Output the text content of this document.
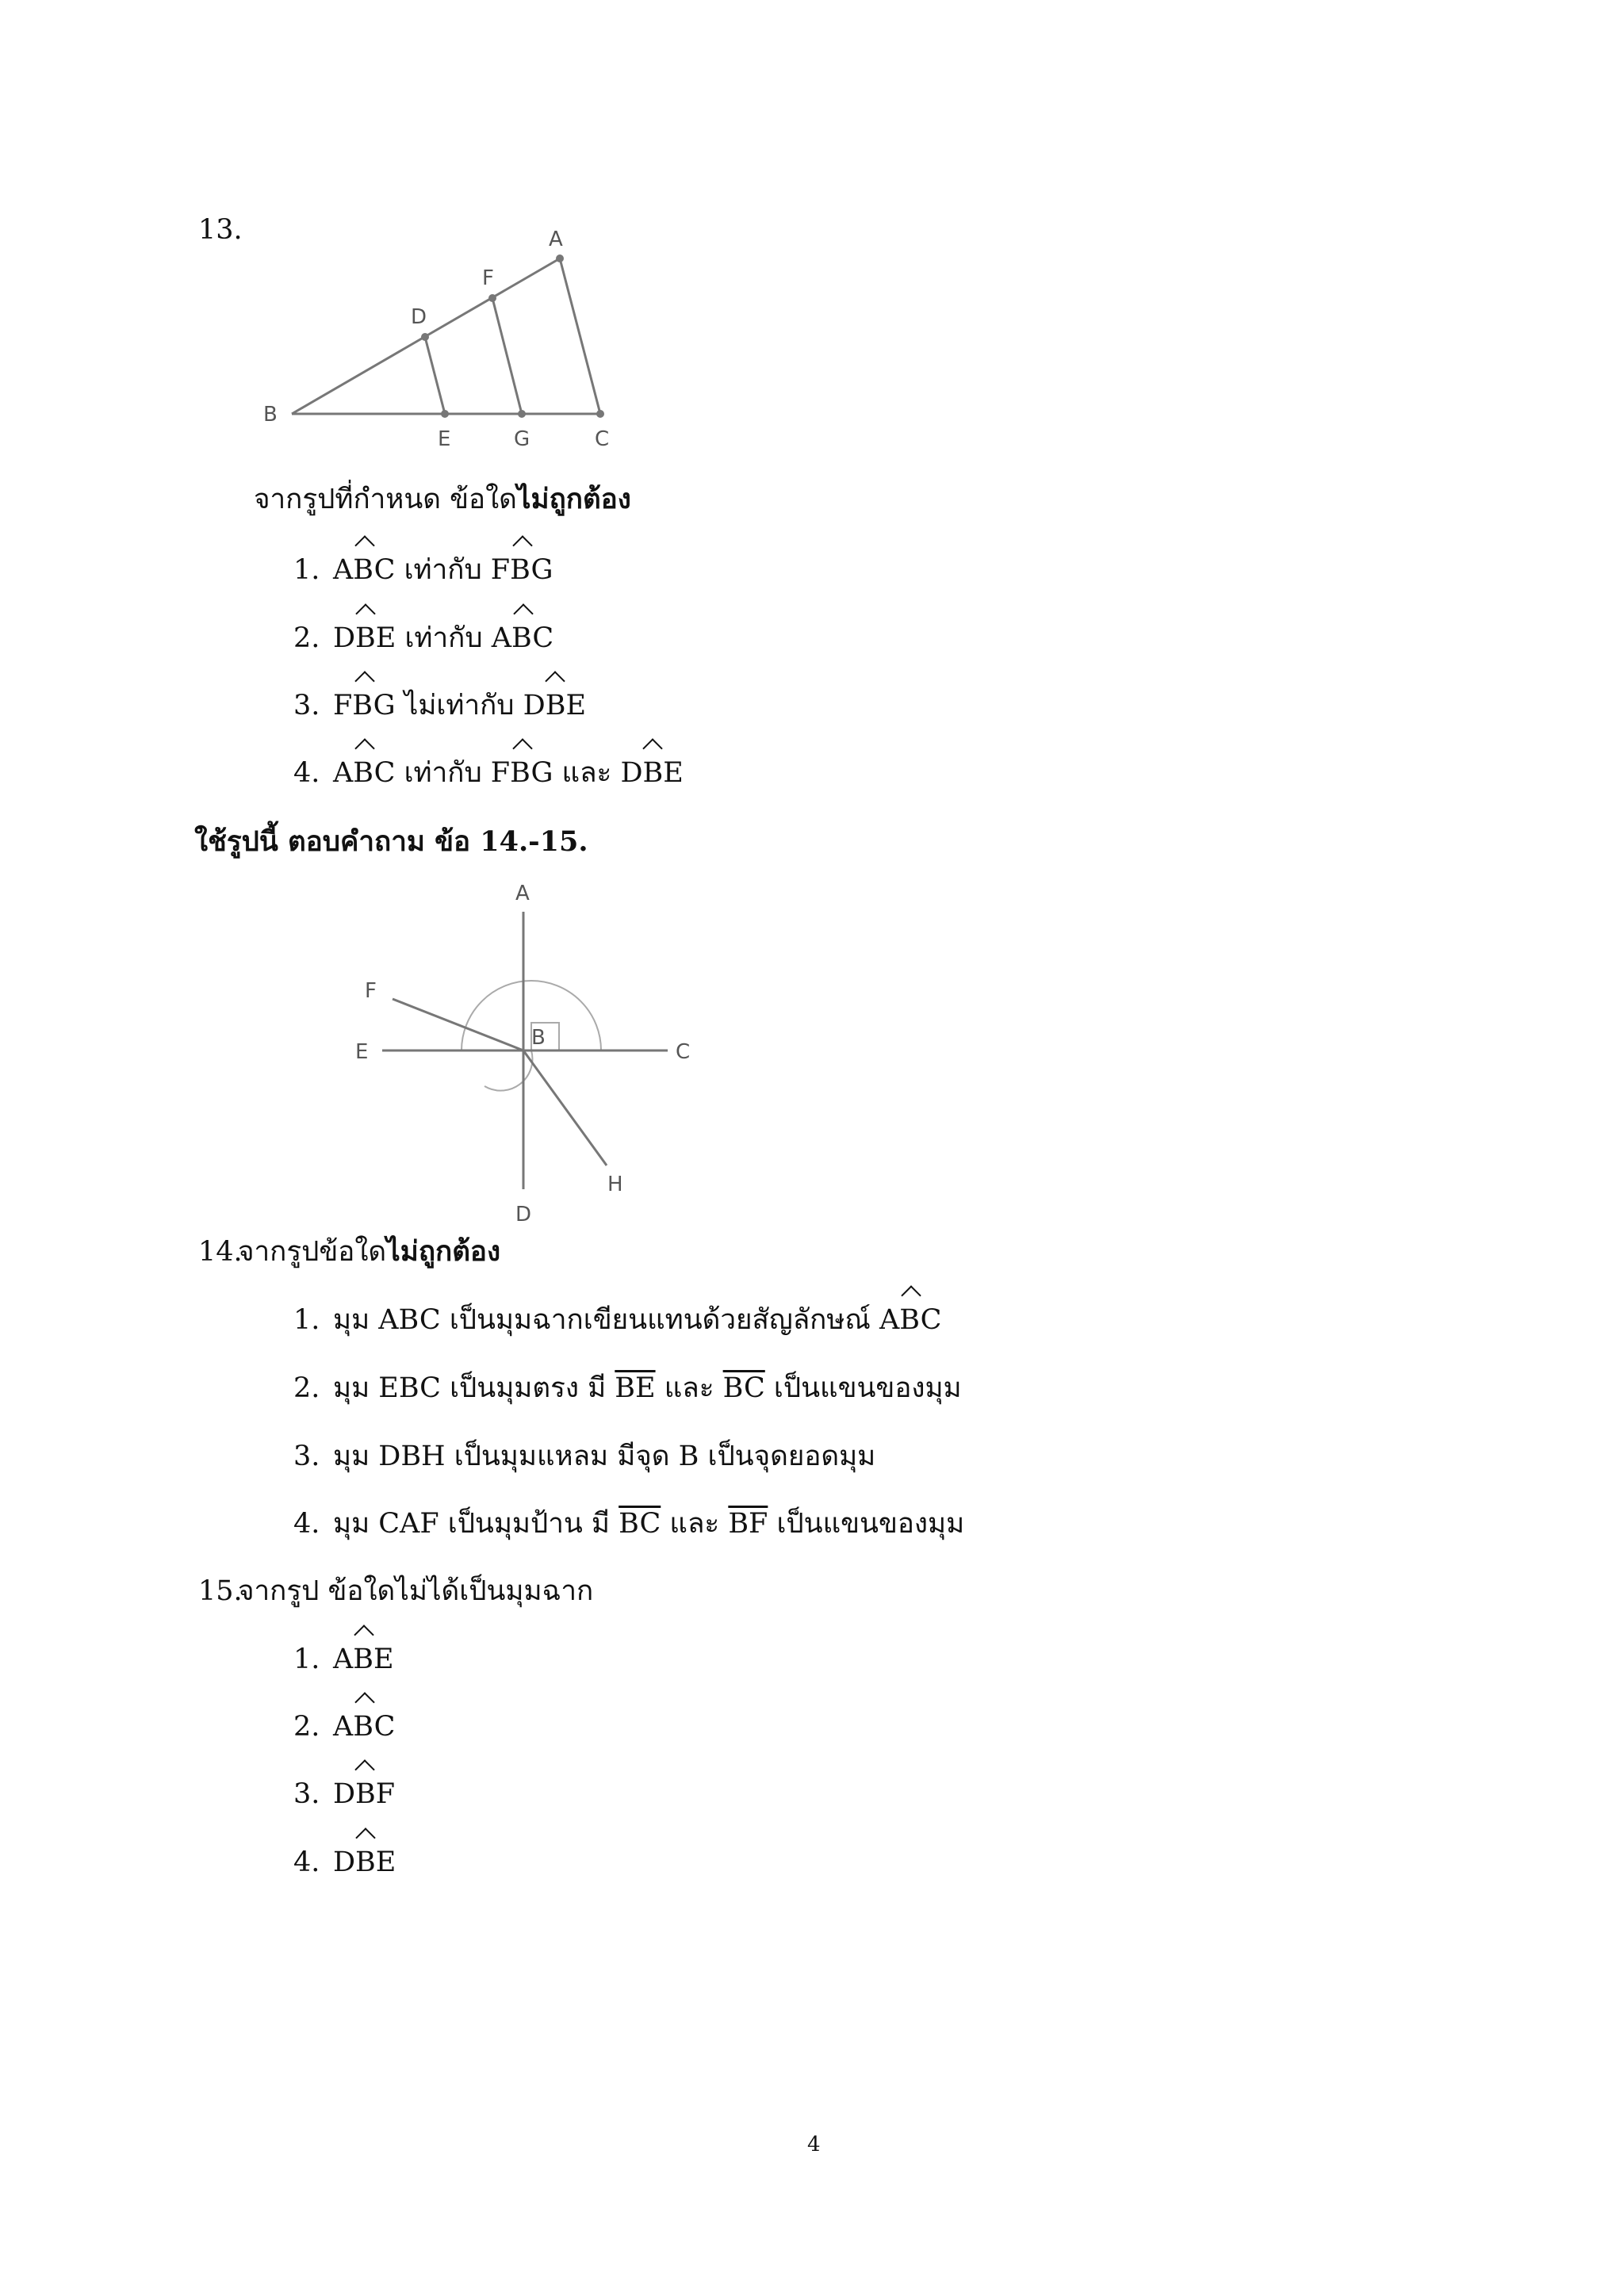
13.	A
F
D
B
E	G	C
จากรูปที่กำหนด ข้อใดไม่ถูกต้อง
1. ABC เท่ากับ FBG
2. DBE เท่ากับ ABC
3. FBG ไม่เท่ากับ DBE
4. ABC เท่ากับ FBG และ DBE
ใช้รูปนี้ ตอบคำถาม ข้อ 14.-15.
A
F
E
B
C
H
D
14.จากรูปข้อใดไม่ถูกต้อง
1. มุม ABC เป็นมุมฉากเขียนแทนด้วยสัญลักษณ์ ABC
2. มุม EBC เป็นมุมตรง มี $\overline{BE}$ และ $\overline{BC}$ เป็นแขนของมุม
3. มุม DBH เป็นมุมแหลม มีจุด B เป็นจุดยอดมุม
4. มุม CAF เป็นมุมป้าน มี $\overline{BC}$ และ $\overline{BF}$ เป็นแขนของมุม
15.จากรูป ข้อใดไม่ได้เป็นมุมฉาก
1. ABE
2. ABC
3. DBF
4. DBE
4
